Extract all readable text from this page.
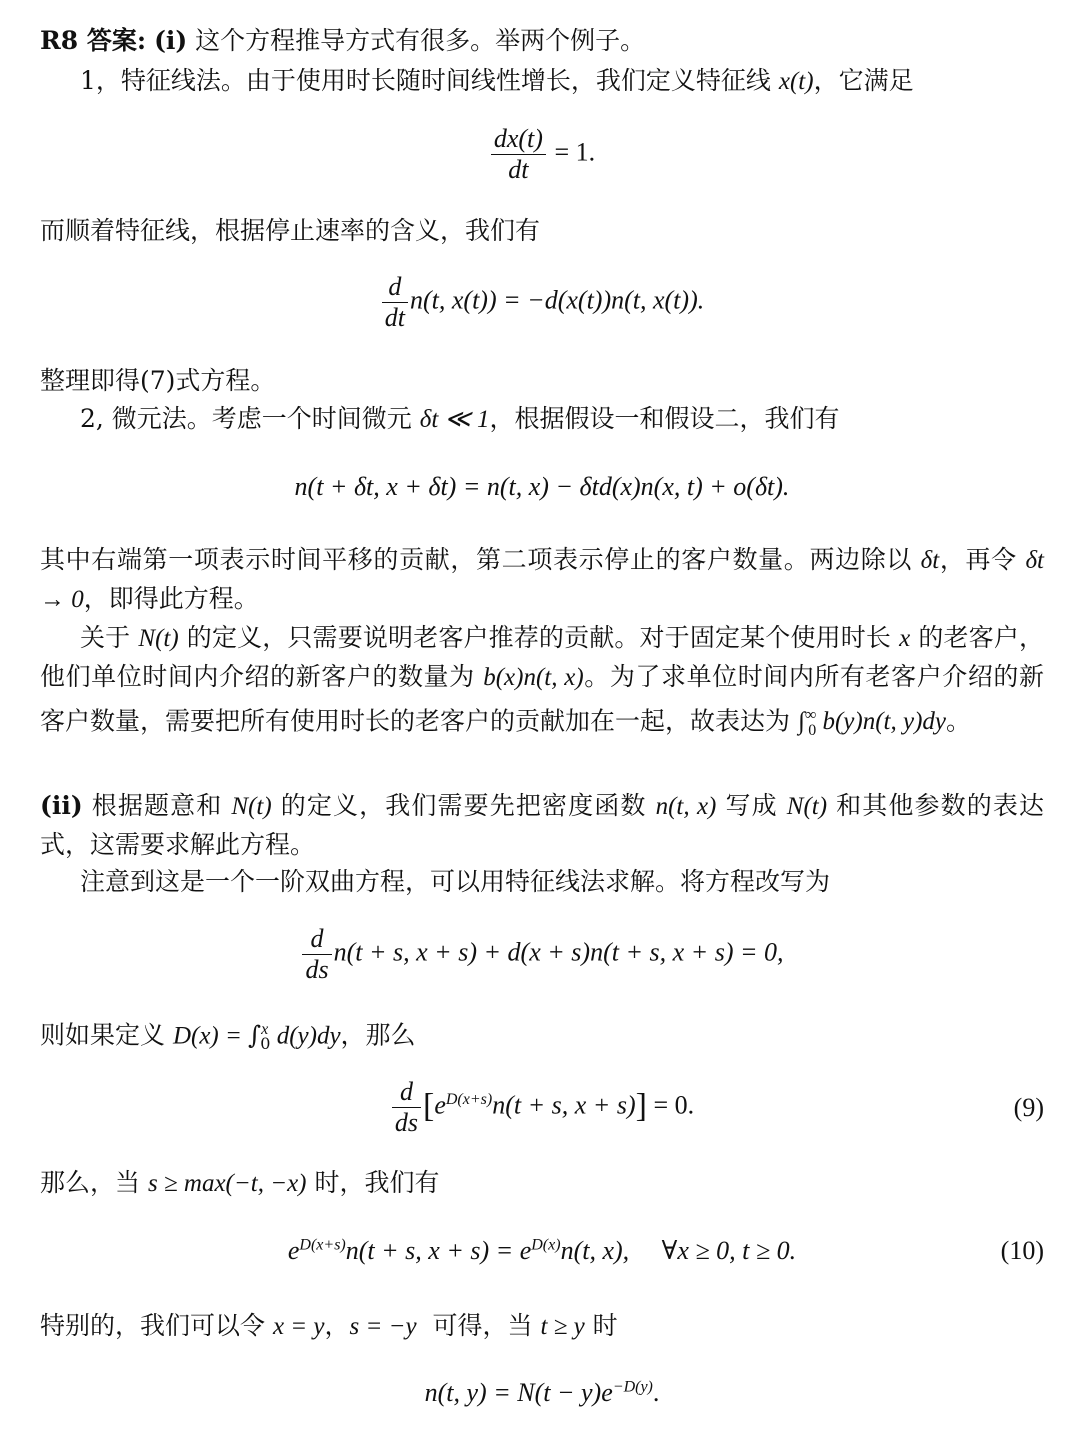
R8 答案: (i) 这个方程推导方式有很多。举两个例子。
1，特征线法。由于使用时长随时间线性增长，我们定义特征线 x(t)，它满足
$\frac{dx(t)}{dt} = 1$.
而顺着特征线，根据停止速率的含义，我们有
$\frac{d}{dt} n(t$, x(t)) = −d(x(t))n(t, x(t)).
整理即得(7)式方程。
2, 微元法。考虑一个时间微元 δt ≪ 1，根据假设一和假设二，我们有
n(t + δt, x + δt) = n(t, x) − δtd(x)n(x, t) + o(δt).
其中右端第一项表示时间平移的贡献，第二项表示停止的客户数量。两边除以 δt，再令 δt → 0，即得此方程。
关于 N(t) 的定义，只需要说明老客户推荐的贡献。对于固定某个使用时长 x 的老客户，他们单位时间内介绍的新客户的数量为 b(x)n(t, x)。为了求单位时间内所有老客户介绍的新客户数量，需要把所有使用时长的老客户的贡献加在一起，故表达为 $\int^\infty_0$ b(y)n(t, y)dy。
(ii) 根据题意和 N(t) 的定义，我们需要先把密度函数 n(t, x) 写成 N(t) 和其他参数的表达式，这需要求解此方程。
注意到这是一个一阶双曲方程，可以用特征线法求解。将方程改写为
$\frac{d}{ds} n(t + s$, x + s) + d(x + s)n(t + s, x + s) = 0,
则如果定义 D(x) = ∫$^x_0$ d(y)dy，那么
$\frac{d}{ds} [e^{D(x+s)}n(t + s$, x + s)] = 0.	(9)
那么，当 s ≥ max(−t, −x) 时，我们有
$e^{D(x+s)}n(t + s$, $x + s) = e^{D(x)}n(t$, x),     ∀x ≥ 0, t ≥ 0.	(10)
特别的，我们可以令 x = y，s = −y  可得，当 t ≥ y 时
n(t, $y) = N(t - y)e^{-D(y)}$.
